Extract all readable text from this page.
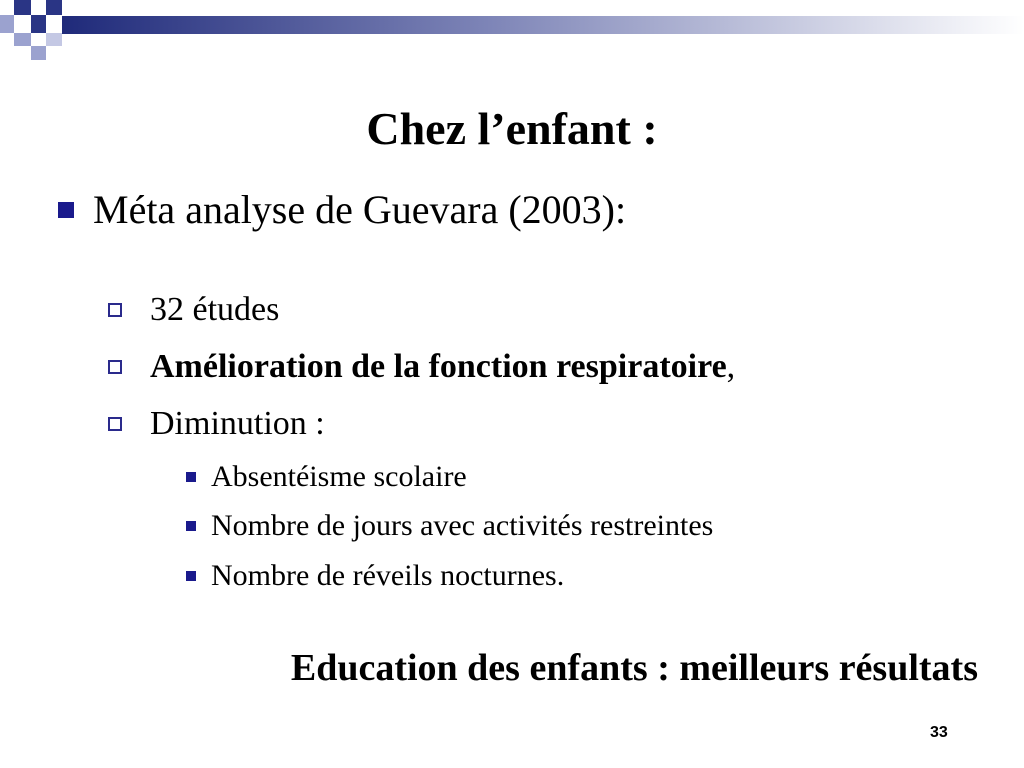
Chez l’enfant :
Méta analyse de Guevara (2003):
32 études
Amélioration de la fonction respiratoire ,
Diminution :
Absentéisme scolaire
Nombre de jours avec activités restreintes
Nombre de réveils nocturnes.
Education des enfants : meilleurs résultats
33
